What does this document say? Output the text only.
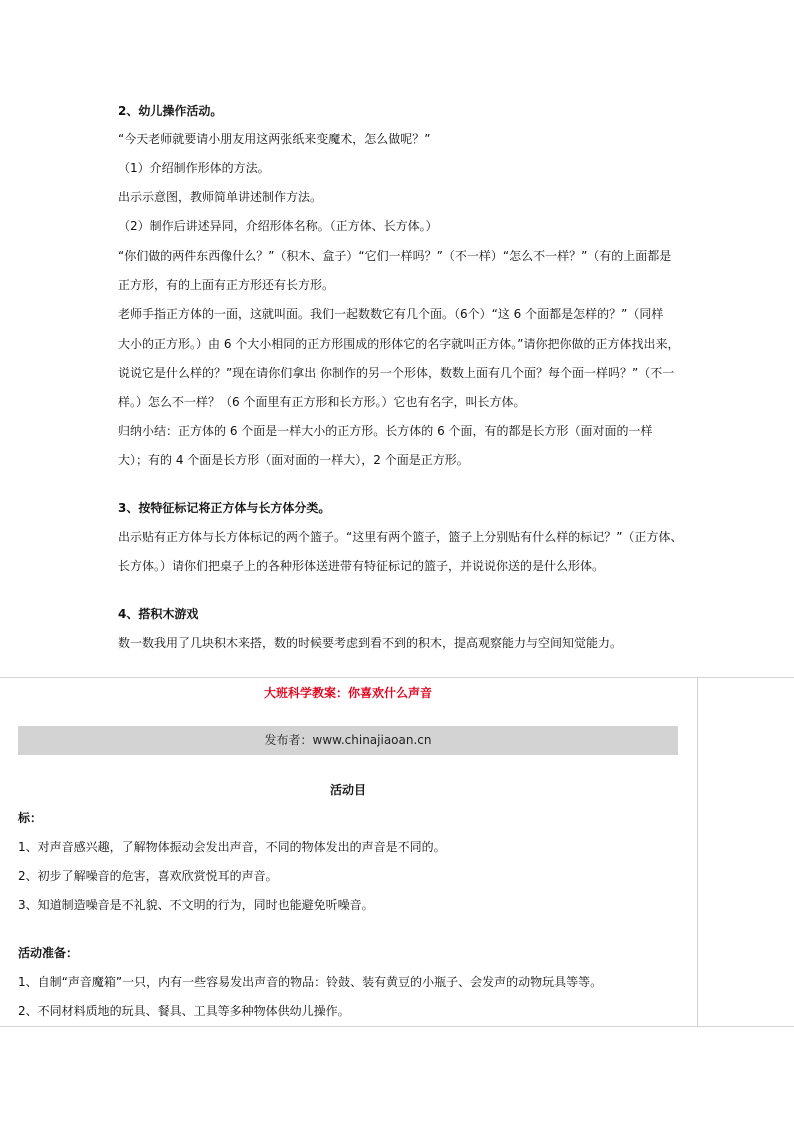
2、幼儿操作活动。
“今天老师就要请小朋友用这两张纸来变魔术，怎么做呢？”
（1）介绍制作形体的方法。
出示示意图，教师简单讲述制作方法。
（2）制作后讲述异同，介绍形体名称。（正方体、长方体。）
“你们做的两件东西像什么？”（积木、盒子）“它们一样吗？”（不一样）“怎么不一样？”（有的上面都是
正方形，有的上面有正方形还有长方形。
老师手指正方体的一面，这就叫面。我们一起数数它有几个面。（6个）“这 6 个面都是怎样的？”（同样
大小的正方形。）由 6 个大小相同的正方形围成的形体它的名字就叫正方体。”请你把你做的正方体找出来，
说说它是什么样的？”现在请你们拿出 你制作的另一个形体，数数上面有几个面？每个面一样吗？”（不一
样。）怎么不一样？（6 个面里有正方形和长方形。）它也有名字，叫长方体。
归纳小结：正方体的 6 个面是一样大小的正方形。长方体的 6 个面，有的都是长方形（面对面的一样
大）；有的 4 个面是长方形（面对面的一样大），2 个面是正方形。
3、按特征标记将正方体与长方体分类。
出示贴有正方体与长方体标记的两个篮子。“这里有两个篮子，篮子上分别贴有什么样的标记？”（正方体、
长方体。）请你们把桌子上的各种形体送进带有特征标记的篮子，并说说你送的是什么形体。
4、搭积木游戏
数一数我用了几块积木来搭，数的时候要考虑到看不到的积木，提高观察能力与空间知觉能力。
大班科学教案：你喜欢什么声音
发布者：www.chinajiaoan.cn
活动目
标：
1、对声音感兴趣，了解物体振动会发出声音，不同的物体发出的声音是不同的。
2、初步了解噪音的危害，喜欢欣赏悦耳的声音。
3、知道制造噪音是不礼貌、不文明的行为，同时也能避免听噪音。
活动准备：
1、自制“声音魔箱”一只，内有一些容易发出声音的物品：铃鼓、装有黄豆的小瓶子、会发声的动物玩具等等。
2、不同材料质地的玩具、餐具、工具等多种物体供幼儿操作。
